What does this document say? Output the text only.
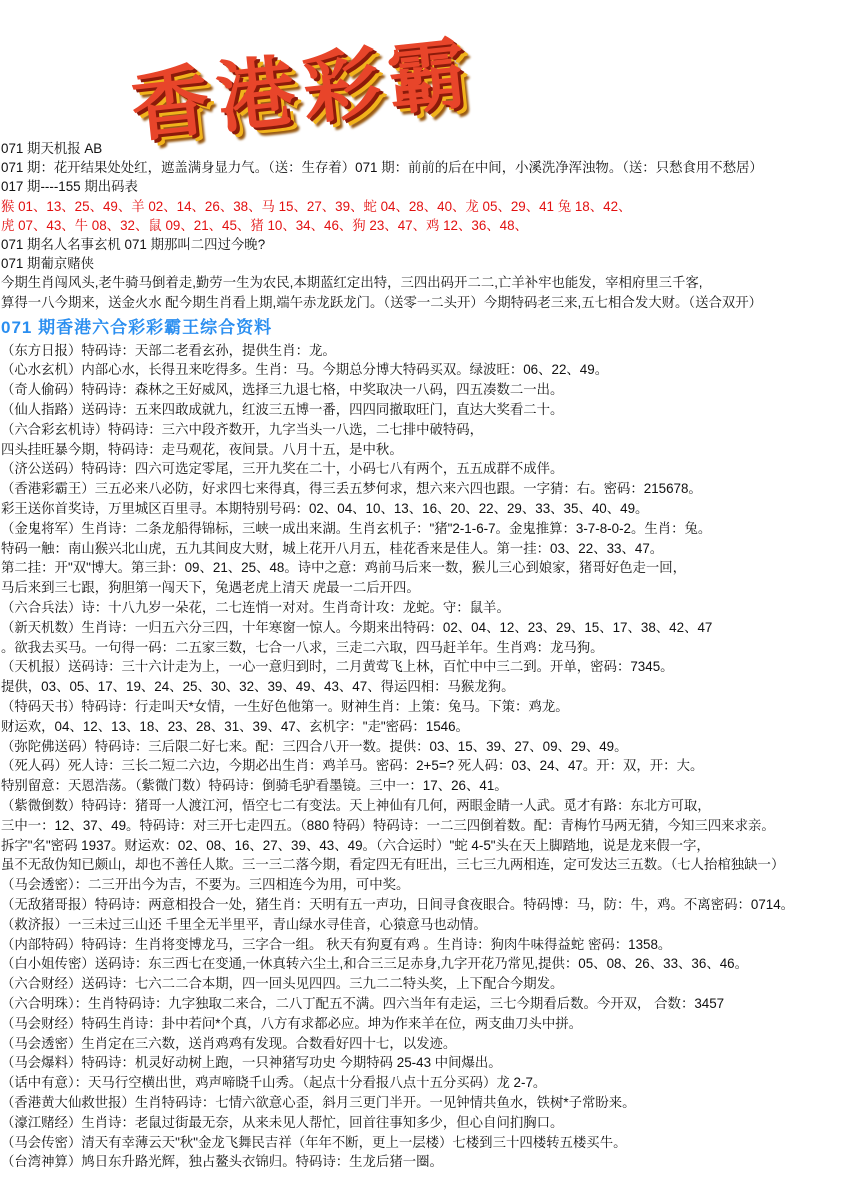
香港彩霸
071 期天机报 AB
071 期：花开结果处处红，遮盖满身显力气。（送：生存着）071 期：前前的后在中间，小溪洗净浑浊物。（送：只愁食用不愁居）
017 期----155 期出码表
猴 01、13、25、49、羊 02、14、26、38、马 15、27、39、蛇 04、28、40、龙 05、29、41 兔 18、42、
虎 07、43、牛 08、32、鼠 09、21、45、猪 10、34、46、狗 23、47、鸡 12、36、48、
071 期名人名事玄机 071 期那叫二四过今晚?
071 期葡京赌侠
今期生肖闯风头,老牛骑马倒着走,勤劳一生为农民,本期蓝红定出特，三四出码开二二,亡羊补牢也能发，宰相府里三千客,
算得一八今期来，送金火水 配今期生肖看上期,端午赤龙跃龙门。（送零一二头开）今期特码老三来,五七相合发大财。（送合双开）
071 期香港六合彩彩霸王综合资料
（东方日报）特码诗：天部二老看玄孙，提供生肖：龙。
（心水玄机）内部心水，长得丑来吃得多。生肖：马。今期总分博大特码买双。绿波旺：06、22、49。
（奇人偷码）特码诗：森林之王好威风，选择三九退七格，中奖取决一八码，四五凑数二一出。
（仙人指路）送码诗：五来四敢成就九，红波三五博一番，四四同撤取旺门，直达大奖看二十。
（六合彩玄机诗）特码诗：三六中段齐数开，九字当头一八选，二七排中破特码，
四头挂旺暴今期，特码诗：走马观花，夜间景。八月十五，是中秋。
（济公送码）特码诗：四六可选定零尾，三开九奖在二十，小码七八有两个，五五成群不成伴。
（香港彩霸王）三五必来八必防，好求四七来得真，得三丢五梦何求，想六来六四也跟。一字猜：右。密码：215678。
彩王送你首奖诗，万里城区百里寻。本期特别号码：02、04、10、13、16、20、22、29、33、35、40、49。
（金鬼将军）生肖诗：二条龙船得锦标，三峡一成出来湖。生肖玄机子："猪"2-1-6-7。金鬼推算：3-7-8-0-2。生肖：兔。
特码一触：南山猴兴北山虎，五九其间皮大财，城上花开八月五，桂花香来是佳人。第一挂：03、22、33、47。
第二挂：开"双"博大。第三卦：09、21、25、48。诗中之意：鸡前马后来一数，猴儿三心到娘家，猪哥好色走一回，
马后来到三七跟，狗胆第一闯天下，兔遇老虎上清天 虎最一二后开四。
（六合兵法）诗：十八九岁一朵花，二七连悄一对对。生肖奇计攻：龙蛇。守：鼠羊。
（新天机数）生肖诗：一归五六分三四，十年寒窗一惊人。今期来出特码：02、04、12、23、29、15、17、38、42、47
。欲我去买马。一句得一码：二五家三数，七合一八求，三走二六取，四马赶羊年。生肖鸡：龙马狗。
（天机报）送码诗：三十六计走为上，一心一意归到时，二月黄莺飞上林，百忙中中三二到。开单，密码：7345。
提供，03、05、17、19、24、25、30、32、39、49、43、47、得运四相：马猴龙狗。
（特码天书）特码诗：行走叫天*女情，一生好色他第一。财神生肖：上策：兔马。下策：鸡龙。
财运欢，04、12、13、18、23、28、31、39、47、玄机字："走"密码：1546。
（弥陀佛送码）特码诗：三后限二好七来。配：三四合八开一数。提供：03、15、39、27、09、29、49。
（死人码）死人诗：三长二短二六边，今期必出生肖：鸡羊马。密码：2+5=? 死人码：03、24、47。开：双，开：大。
特别留意：天恩浩荡。（紫微门数）特码诗：倒骑毛驴看墨镜。三中一：17、26、41。
（紫微倒数）特码诗：猪哥一人渡江河，悟空七二有变法。天上神仙有几何，两眼金睛一人武。觅才有路：东北方可取，
三中一：12、37、49。特码诗：对三开七走四五。（880 特码）特码诗：一二三四倒着数。配：青梅竹马两无猜，今知三四来求亲。
拆字"名"密码 1937。财运欢：02、08、16、27、39、43、49。（六合运时）"蛇 4-5"头在天上脚踏地，说是龙来假一字，
虽不无敌伪知已颇山，却也不善任人欺。三一三二落今期，看定四无有旺出，三七三九两相连，定可发达三五数。（七人抬棺独缺一）
（马会透密）：二三开出今为吉，不要为。三四相连今为用，可中奖。
（无敌猪哥报）特码诗：两意相投合一处，猪生肖：天明有五一声功，日间寻食夜眼合。特码博：马，防：牛，鸡。不离密码：0714。
（救济报）一三未过三山还 千里全无半里平，青山绿水寻佳音，心猿意马也动情。
（内部特码）特码诗：生肖将变博龙马，三字合一组。 秋天有狗夏有鸡 。生肖诗：狗肉牛味得益蛇 密码：1358。
（白小姐传密）送码诗：东三西七在变通,一休真转六尘土,和合三三足赤身,九字开花乃常见,提供：05、08、26、33、36、46。
（六合财经）送码诗：七六二二合本期，四一回头见四四。三九二二特头奖，上下配合今期发。
（六合明珠）：生肖特码诗：九字独取二来合，二八丁配五不满。四六当年有走运，三七今期看后数。今开双， 合数：3457
（马会财经）特码生肖诗：卦中若问*个真，八方有求都必应。坤为作来羊在位，两支曲刀头中拼。
（马会透密）生肖定在三六数，送肖鸡鸡有发现。合数看好四十七，以发迹。
（马会爆料）特码诗：机灵好动树上跑，一只神猪写功史 今期特码 25-43 中间爆出。
（话中有意）：天马行空横出世，鸡声啼晓千山秀。（起点十分看报八点十五分买码）龙 2-7。
（香港黄大仙救世报）生肖特码诗：七情六欲意心歪，斜月三更门半开。一见钟情共鱼水，铁树*子常盼来。
（濠江赌经）生肖诗：老鼠过街最无奈，从来未见人帮忙，回首往事知多少，但心自问扪胸口。
（马会传密）清天有幸薄云天"秋"金龙飞舞民吉祥（年年不断，更上一层楼）七楼到三十四楼转五楼买牛。
（台湾神算）鸠日东升路光辉，独占鳌头衣锦归。特码诗：生龙后猪一圈。
